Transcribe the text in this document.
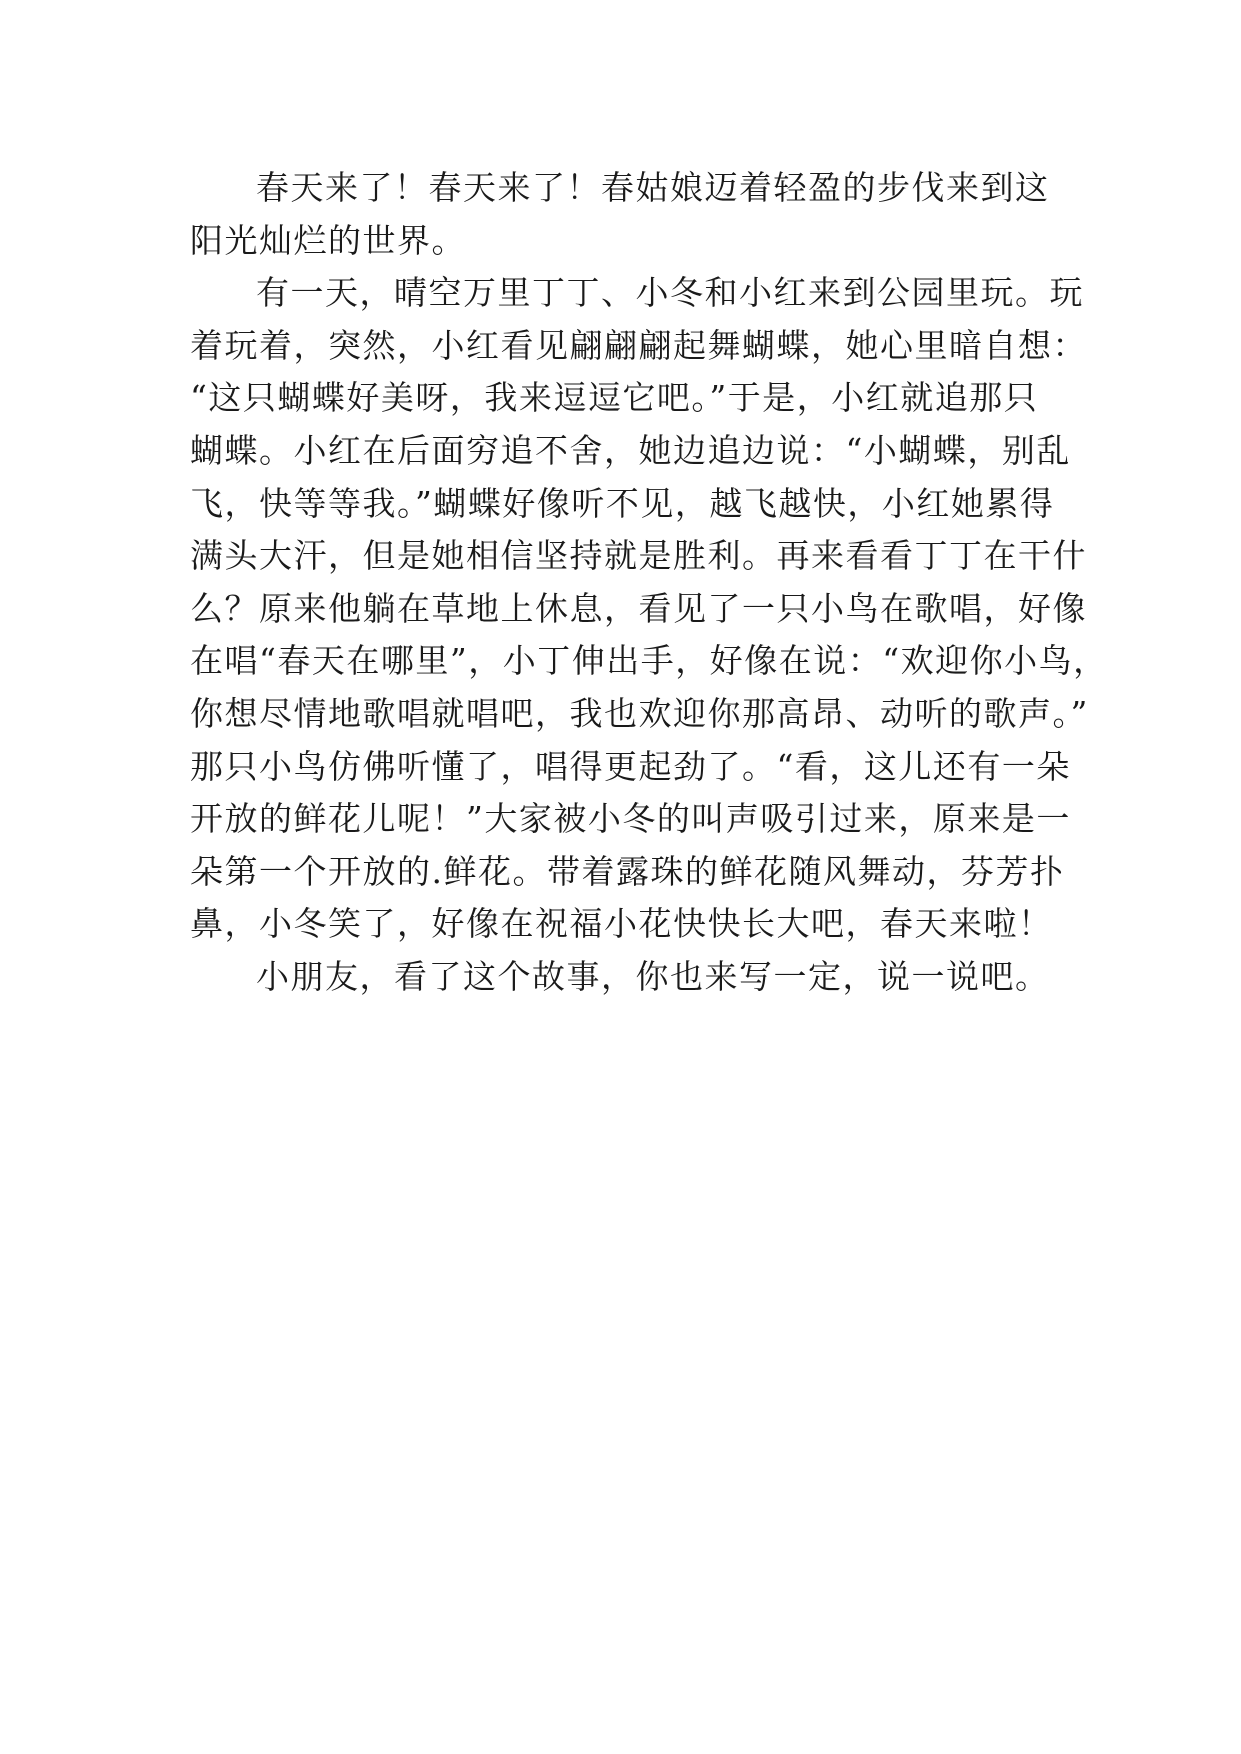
春天来了！春天来了！春姑娘迈着轻盈的步伐来到这
阳光灿烂的世界。
有一天，晴空万里丁丁、小冬和小红来到公园里玩。玩
着玩着，突然，小红看见翩翩翩起舞蝴蝶，她心里暗自想：
“这只蝴蝶好美呀，我来逗逗它吧。”于是，小红就追那只
蝴蝶。小红在后面穷追不舍，她边追边说：“小蝴蝶，别乱
飞，快等等我。”蝴蝶好像听不见，越飞越快，小红她累得
满头大汗，但是她相信坚持就是胜利。再来看看丁丁在干什
么？原来他躺在草地上休息，看见了一只小鸟在歌唱，好像
在唱“春天在哪里”，小丁伸出手，好像在说：“欢迎你小鸟，
你想尽情地歌唱就唱吧，我也欢迎你那高昂、动听的歌声。”
那只小鸟仿佛听懂了，唱得更起劲了。“看，这儿还有一朵
开放的鲜花儿呢！”大家被小冬的叫声吸引过来，原来是一
朵第一个开放的.鲜花。带着露珠的鲜花随风舞动，芬芳扑
鼻，小冬笑了，好像在祝福小花快快长大吧，春天来啦！
小朋友，看了这个故事，你也来写一定，说一说吧。
